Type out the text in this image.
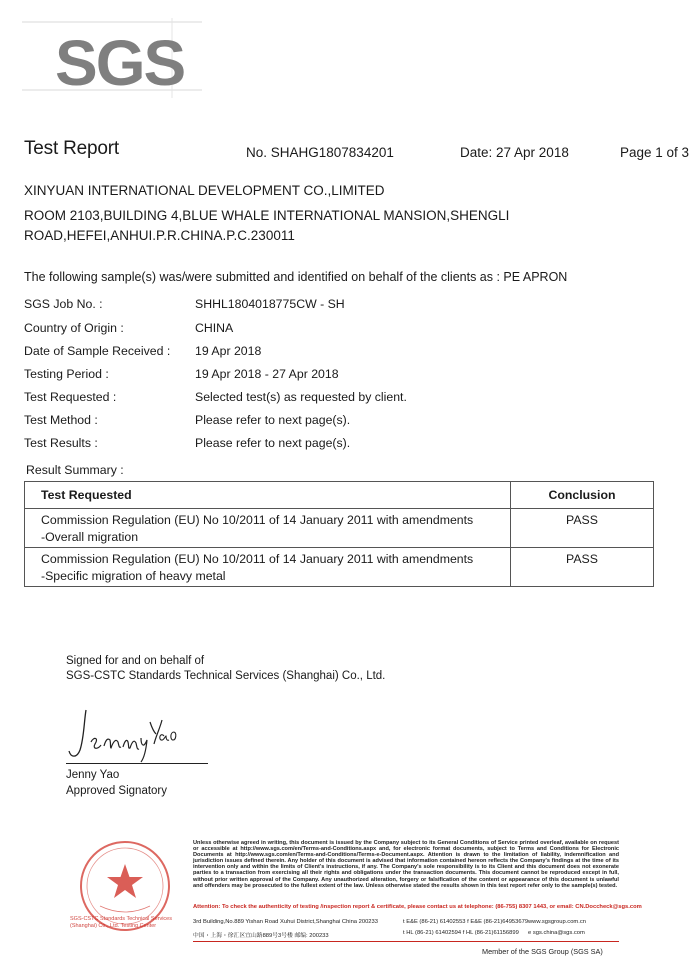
SGS
Test Report	No. SHAHG1807834201	Date: 27 Apr 2018	Page 1 of 3
XINYUAN INTERNATIONAL DEVELOPMENT CO.,LIMITED
ROOM 2103,BUILDING 4,BLUE WHALE INTERNATIONAL MANSION,SHENGLI
ROAD,HEFEI,ANHUI.P.R.CHINA.P.C.230011
The following sample(s) was/were submitted and identified on behalf of the clients as : PE APRON
SGS Job No. :	SHHL1804018775CW - SH
Country of Origin :	CHINA
Date of Sample Received : 19 Apr 2018
Testing Period :	19 Apr 2018 - 27 Apr 2018
Test Requested :	Selected test(s) as requested by client.
Test Method :	Please refer to next page(s).
Test Results :	Please refer to next page(s).
Result Summary :
Test Requested	Conclusion

Commission Regulation (EU) No 10/2011 of 14 January 2011 with amendments
-Overall migration	PASS

Commission Regulation (EU) No 10/2011 of 14 January 2011 with amendments
-Specific migration of heavy metal	PASS
Signed for and on behalf of
SGS-CSTC Standards Technical Services (Shanghai) Co., Ltd.
Jenny Yao
Approved Signatory
SGS-CSTC Standards Technical Services (Shanghai) Co., Ltd. Testing Center
Unless otherwise agreed in writing, this document is issued by the Company subject to its General Conditions of Service printed overleaf, available on request or accessible at http://www.sgs.com/en/Terms-and-Conditions.aspx and, for electronic format documents, subject to Terms and Conditions for Electronic Documents at http://www.sgs.com/en/Terms-and-Conditions/Terms-e-Document.aspx. Attention is drawn to the limitation of liability, indemnification and jurisdiction issues defined therein. Any holder of this document is advised that information contained hereon reflects the Company's findings at the time of its intervention only and within the limits of Client's instructions, if any. The Company's sole responsibility is to its Client and this document does not exonerate parties to a transaction from exercising all their rights and obligations under the transaction documents. This document cannot be reproduced except in full, without prior written approval of the Company. Any unauthorized alteration, forgery or falsification of the content or appearance of this document is unlawful and offenders may be prosecuted to the fullest extent of the law. Unless otherwise stated the results shown in this test report refer only to the sample(s) tested.
Attention: To check the authenticity of testing /inspection report & certificate, please contact us at telephone: (86-755) 8307 1443, or email: CN.Doccheck@sgs.com
3rd Building,No.889 Yishan Road Xuhui District,Shanghai China 200233
中国・上海・徐汇区宜山路889号3号楼 邮编: 200233
t E&E (86-21) 61402553 f E&E (86-21)64953679
t HL (86-21) 61402594 f HL (86-21)61156899
www.sgsgroup.com.cn
e sgs.china@sgs.com
Member of the SGS Group (SGS SA)
